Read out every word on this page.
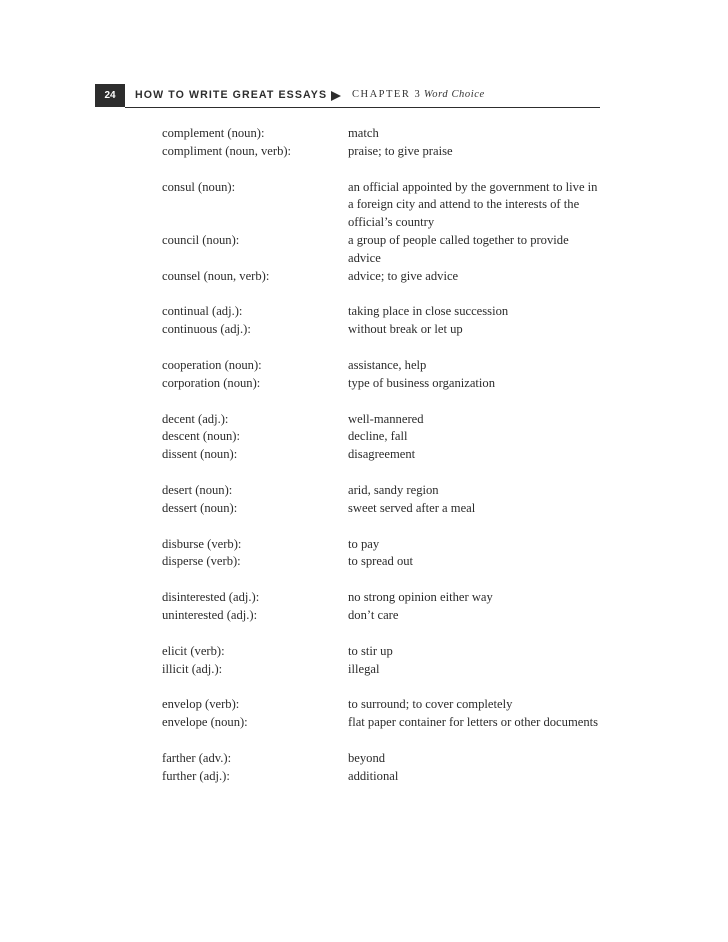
24	HOW TO WRITE GREAT ESSAYS CHAPTER 3 Word Choice
complement (noun):	match
compliment (noun, verb):	praise; to give praise
consul (noun):	an official appointed by the government to live in a foreign city and attend to the interests of the official’s country
council (noun):	a group of people called together to provide advice
counsel (noun, verb):	advice; to give advice
continual (adj.):	taking place in close succession
continuous (adj.):	without break or let up
cooperation (noun):	assistance, help
corporation (noun):	type of business organization
decent (adj.):	well-mannered
descent (noun):	decline, fall
dissent (noun):	disagreement
desert (noun):	arid, sandy region
dessert (noun):	sweet served after a meal
disburse (verb):	to pay
disperse (verb):	to spread out
disinterested (adj.):	no strong opinion either way
uninterested (adj.):	don’t care
elicit (verb):	to stir up
illicit (adj.):	illegal
envelop (verb):	to surround; to cover completely
envelope (noun):	flat paper container for letters or other documents
farther (adv.):	beyond
further (adj.):	additional
